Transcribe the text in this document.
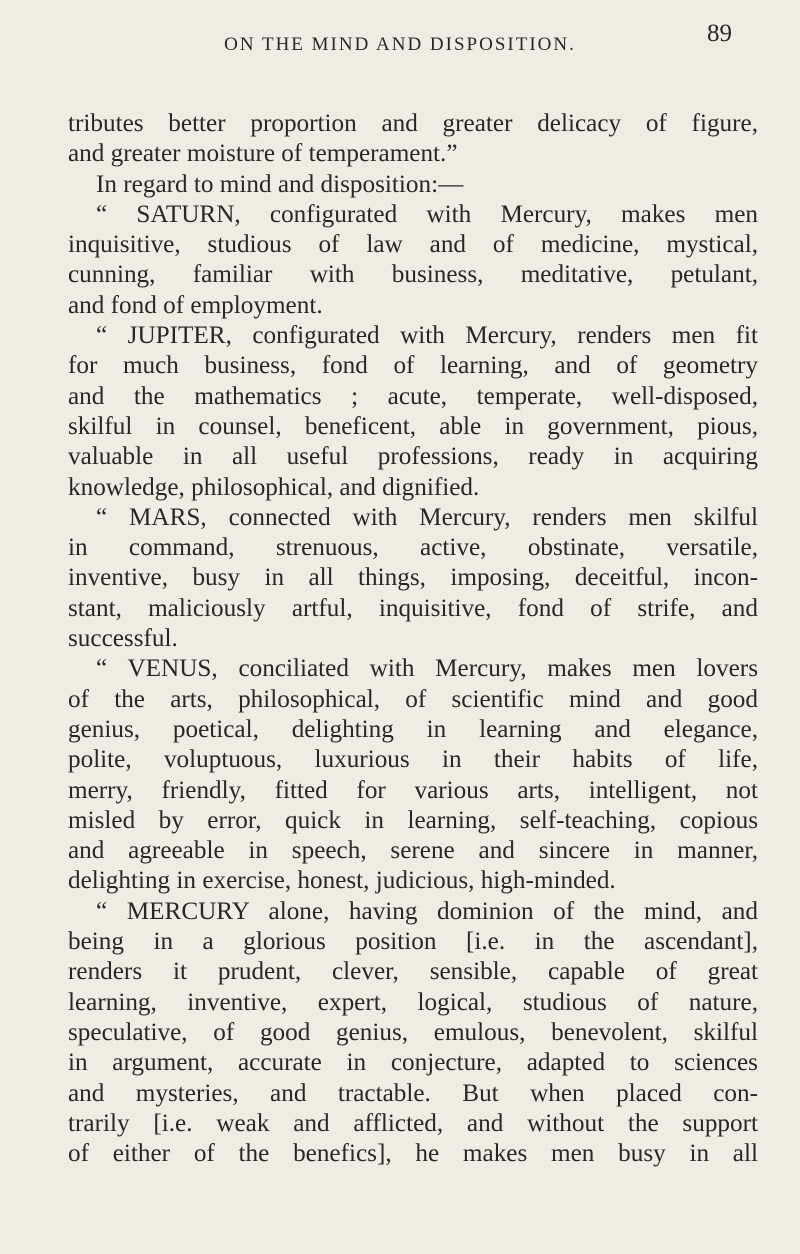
ON THE MIND AND DISPOSITION.	89
tributes better proportion and greater delicacy of figure,
and greater moisture of temperament.”
In regard to mind and disposition:—
“ SATURN, configurated with Mercury, makes men
inquisitive, studious of law and of medicine, mystical,
cunning, familiar with business, meditative, petulant,
and fond of employment.
“ JUPITER, configurated with Mercury, renders men fit
for much business, fond of learning, and of geometry
and the mathematics ; acute, temperate, well-disposed,
skilful in counsel, beneficent, able in government, pious,
valuable in all useful professions, ready in acquiring
knowledge, philosophical, and dignified.
“ MARS, connected with Mercury, renders men skilful
in command, strenuous, active, obstinate, versatile,
inventive, busy in all things, imposing, deceitful, incon-
stant, maliciously artful, inquisitive, fond of strife, and
successful.
“ VENUS, conciliated with Mercury, makes men lovers
of the arts, philosophical, of scientific mind and good
genius, poetical, delighting in learning and elegance,
polite, voluptuous, luxurious in their habits of life,
merry, friendly, fitted for various arts, intelligent, not
misled by error, quick in learning, self-teaching, copious
and agreeable in speech, serene and sincere in manner,
delighting in exercise, honest, judicious, high-minded.
“ MERCURY alone, having dominion of the mind, and
being in a glorious position [i.e. in the ascendant],
renders it prudent, clever, sensible, capable of great
learning, inventive, expert, logical, studious of nature,
speculative, of good genius, emulous, benevolent, skilful
in argument, accurate in conjecture, adapted to sciences
and mysteries, and tractable. But when placed con-
trarily [i.e. weak and afflicted, and without the support
of either of the benefics], he makes men busy in all
